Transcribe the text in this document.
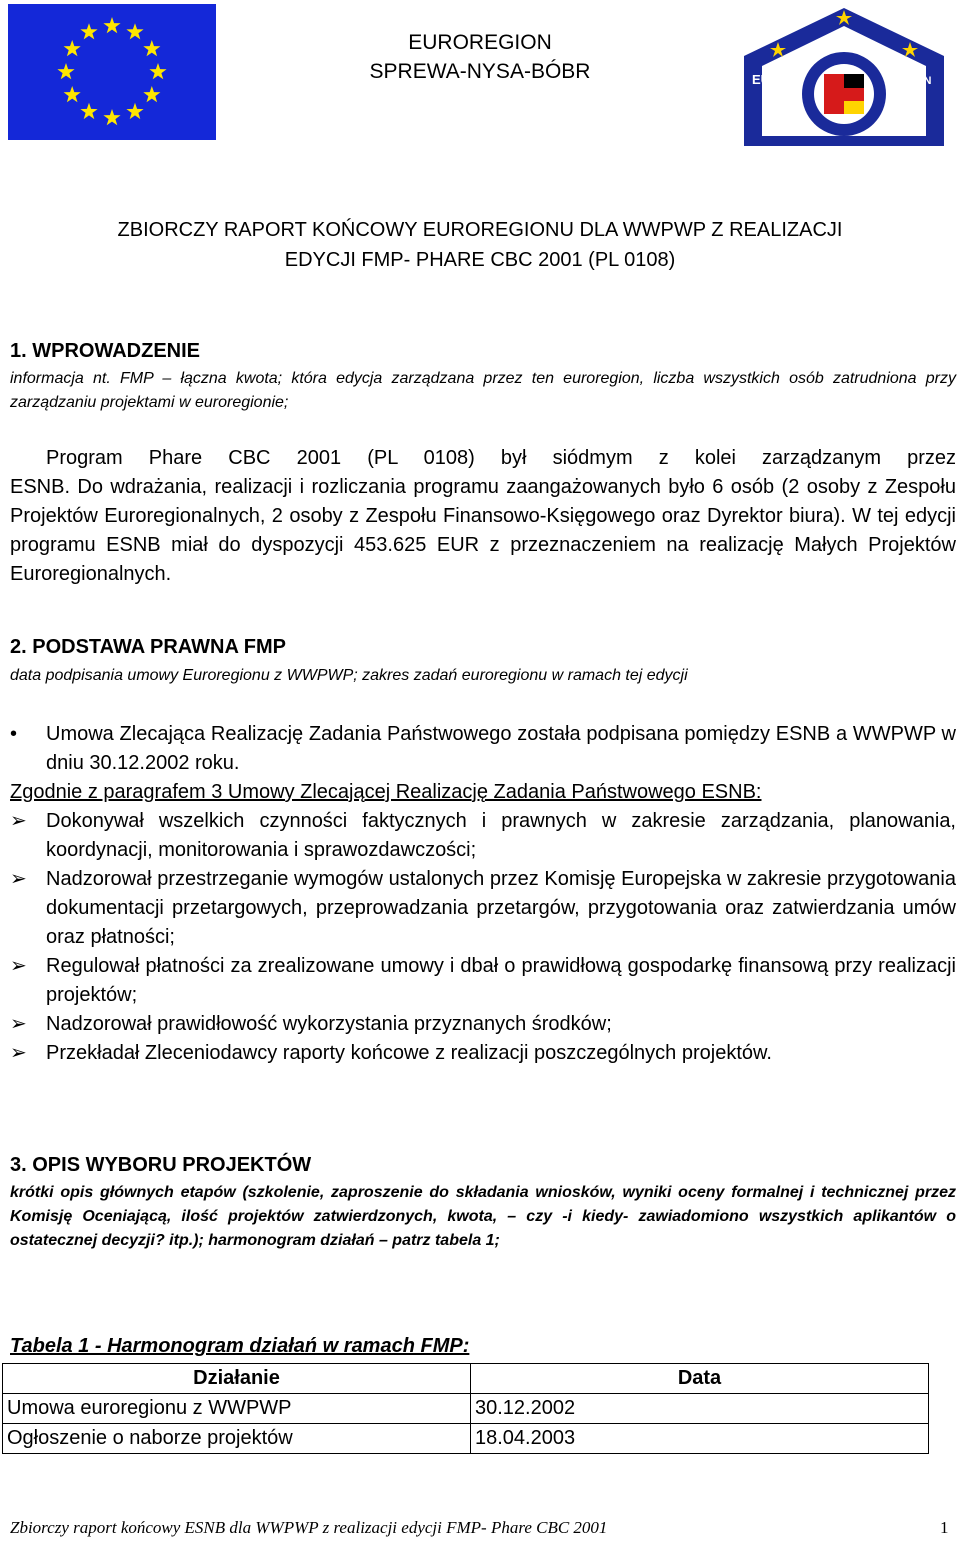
EURO	REGION
EUROREGION
SPREWA-NYSA-BÓBR
ZBIORCZY RAPORT KOŃCOWY EUROREGIONU DLA WWPWP Z REALIZACJI
EDYCJI FMP- PHARE CBC 2001 (PL 0108)
1. WPROWADZENIE
informacja nt. FMP – łączna kwota; która edycja zarządzana przez ten euroregion, liczba wszystkich osób zatrudniona przy zarządzaniu projektami w euroregionie;
Program Phare CBC 2001 (PL 0108) był siódmym z kolei zarządzanym przez
ESNB. Do wdrażania, realizacji i rozliczania programu zaangażowanych było 6 osób (2 osoby z Zespołu Projektów Euroregionalnych, 2 osoby z Zespołu Finansowo-Księgowego oraz Dyrektor biura). W tej edycji programu ESNB miał do dyspozycji 453.625 EUR z przeznaczeniem na realizację Małych Projektów Euroregionalnych.
2. PODSTAWA PRAWNA FMP
data podpisania umowy Euroregionu z WWPWP; zakres zadań euroregionu w ramach tej edycji
• Umowa Zlecająca Realizację Zadania Państwowego została podpisana pomiędzy ESNB a WWPWP w dniu 30.12.2002 roku.
Zgodnie z paragrafem 3 Umowy Zlecającej Realizację Zadania Państwowego ESNB:
➢ Dokonywał wszelkich czynności faktycznych i prawnych w zakresie zarządzania, planowania, koordynacji, monitorowania i sprawozdawczości;
➢ Nadzorował przestrzeganie wymogów ustalonych przez Komisję Europejska w zakresie przygotowania dokumentacji przetargowych, przeprowadzania przetargów, przygotowania oraz zatwierdzania umów oraz płatności;
➢ Regulował płatności za zrealizowane umowy i dbał o prawidłową gospodarkę finansową przy realizacji projektów;
➢ Nadzorował prawidłowość wykorzystania przyznanych środków;
➢ Przekładał Zleceniodawcy raporty końcowe z realizacji poszczególnych projektów.
3. OPIS WYBORU PROJEKTÓW
krótki opis głównych etapów (szkolenie, zaproszenie do składania wniosków, wyniki oceny formalnej i technicznej przez Komisję Oceniającą, ilość projektów zatwierdzonych, kwota, – czy -i kiedy- zawiadomiono wszystkich aplikantów o ostatecznej decyzji? itp.); harmonogram działań – patrz tabela 1;
Tabela 1 - Harmonogram działań w ramach FMP:
Działanie	Data
Umowa euroregionu z WWPWP	30.12.2002
Ogłoszenie o naborze projektów	18.04.2003
Zbiorczy raport końcowy ESNB dla WWPWP z realizacji edycji FMP- Phare CBC 2001	1
